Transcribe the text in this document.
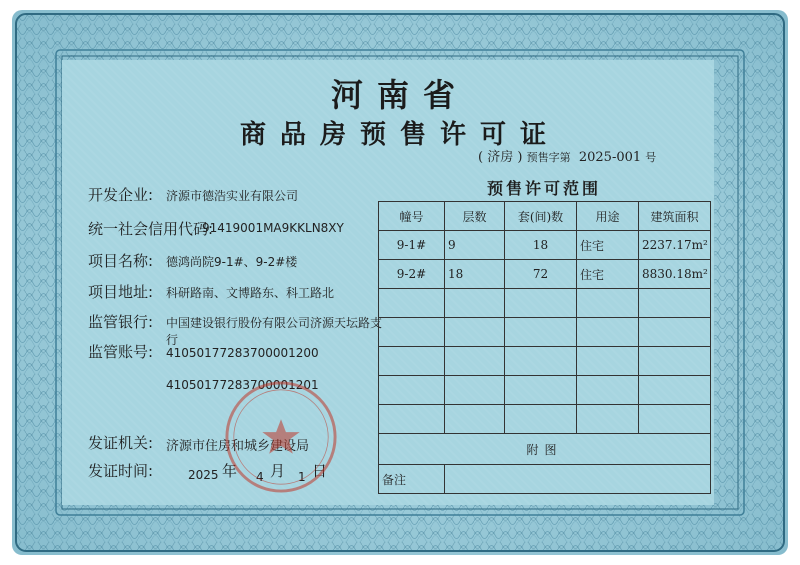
河南省
商品房预售许可证
( 济房 ) 预售字第 2025-001 号
开发企业: 济源市德浩实业有限公司
统一社会信用代码:
91419001MA9KKLN8XY
项目名称: 德鸿尚院9-1#、9-2#楼
项目地址: 科研路南、文博路东、科工路北
监管银行: 中国建设银行股份有限公司济源天坛路支
行
监管账号: 41050177283700001200
41050177283700001201
发证机关: 济源市住房和城乡建设局
发证时间:	2025 年 4 月 1 日
预售许可范围
幢号	层数	套(间)数	用途	建筑面积
9-1#	9	18	住宅	2237.17m²
9-2#	18	72	住宅	8830.18m²

附图				
备注				
